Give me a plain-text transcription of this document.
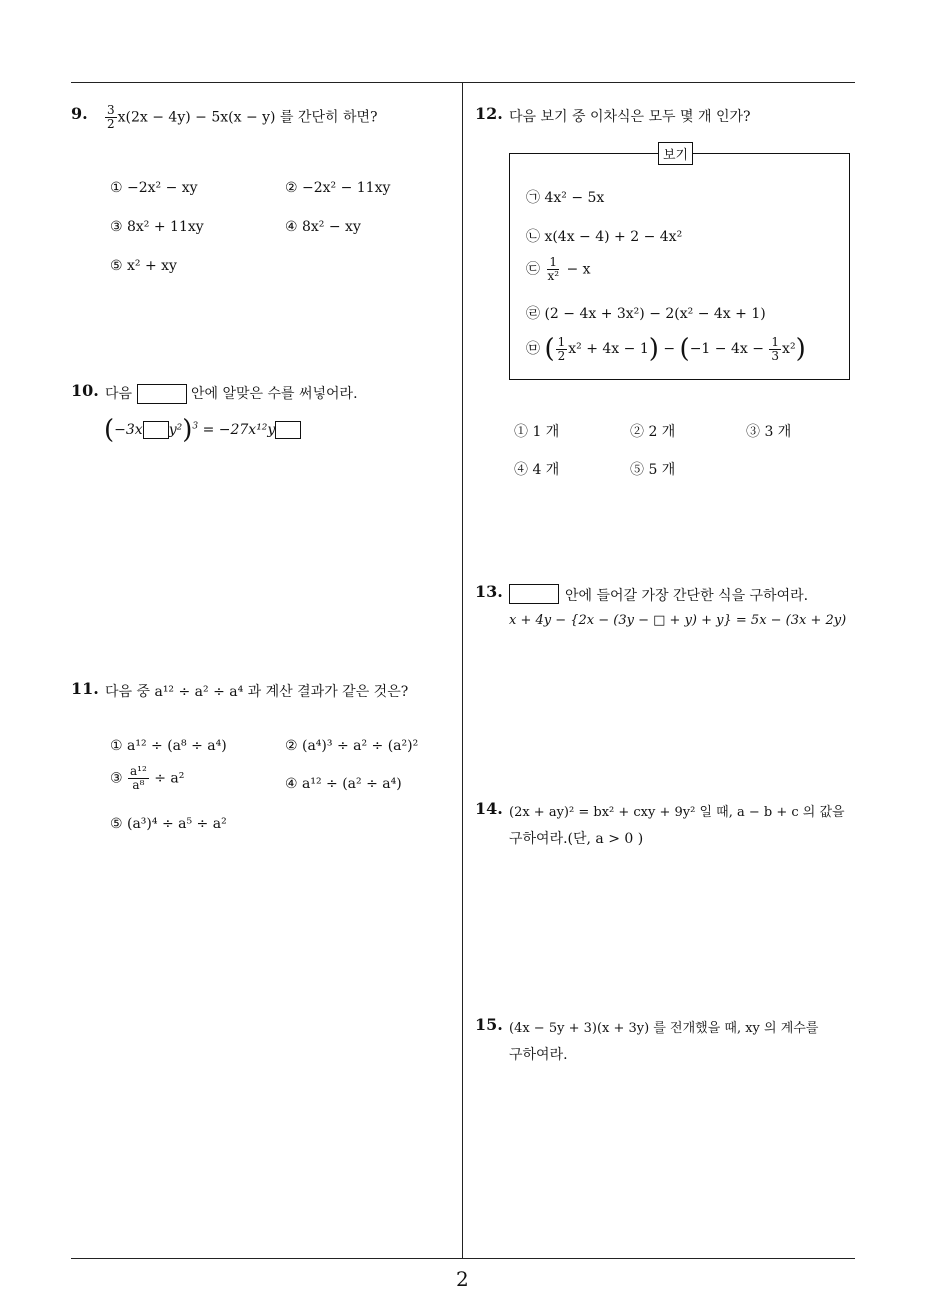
9. $\frac{3}{2} x(2x - 4y) - 5x(x - y)$ 를 간단히 하면?
① −2x² − xy	② −2x² − 11xy
③ 8x² + 11xy	④ 8x² − xy
⑤ x² + xy
10. 다음	안에 알맞은 수를 써넣어라.
(−3x y²)$^3$ = −27x¹²y
11. 다음 중 a¹² ÷ a² ÷ a⁴ 과 계산 결과가 같은 것은?
① a¹² ÷ (a⁸ ÷ a⁴)	② (a⁴)³ ÷ a² ÷ (a²)²
③ $\frac{\text{a¹²}}{\text{a⁸}} \div a^2$	④ a¹² ÷ (a² ÷ a⁴)
⑤ (a³)⁴ ÷ a⁵ ÷ a²
12. 다음 보기 중 이차식은 모두 몇 개 인가?
보기
㉠ 4x² − 5x
㉡ x(4x − 4) + 2 − 4x²
㉢ $\frac{1}{\text{x²}} - x$
㉣ (2 − 4x + 3x²) − 2(x² − 4x + 1)
㉤ ( $\frac{1}{2} x^2 + 4x - 1) - (-1 - 4x - \frac{1}{3} x^2)$
① 1 개	② 2 개	③ 3 개
④ 4 개	⑤ 5 개
13.	안에 들어갈 가장 간단한 식을 구하여라.
x + 4y − {2x − (3y − □ + y) + y} = 5x − (3x + 2y)
14. (2x + ay)² = bx² + cxy + 9y² 일 때, a − b + c 의 값을
구하여라.(단, a > 0 )
15. (4x − 5y + 3)(x + 3y) 를 전개했을 때, xy 의 계수를
구하여라.
2
